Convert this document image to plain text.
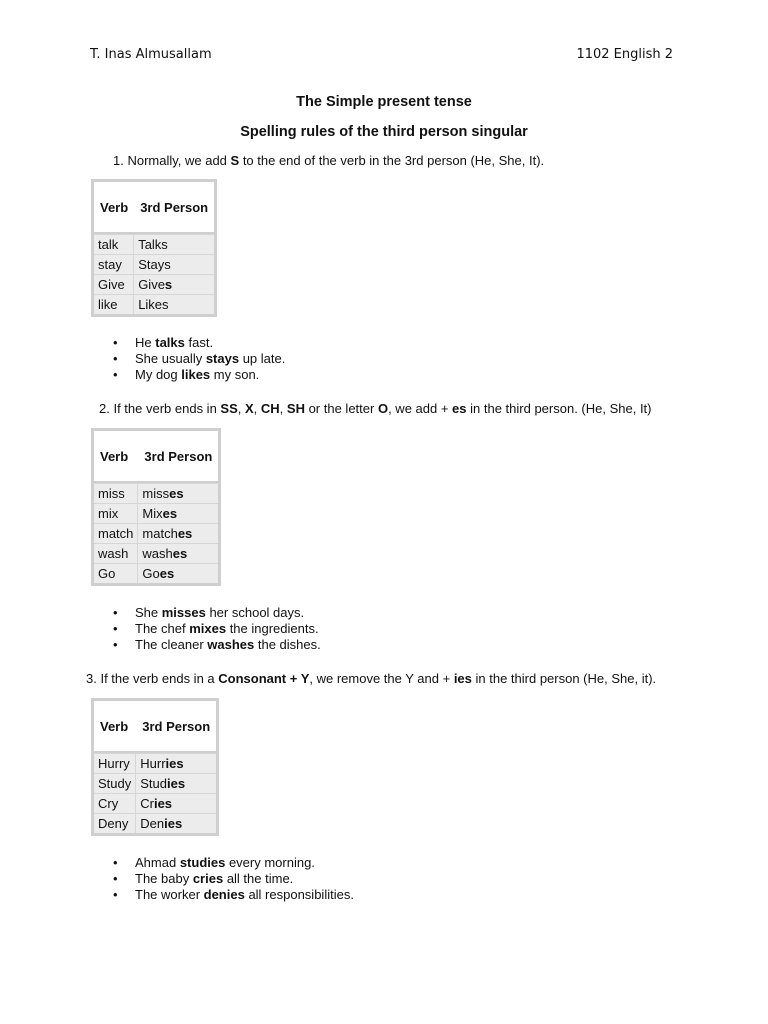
T. Inas Almusallam	1102 English 2
The Simple present tense
Spelling rules of the third person singular
1. Normally, we add S to the end of the verb in the 3rd person (He, She, It).
Verb	3rd Person
talk	Talks
stay	Stays
Give	Gives
like	Likes
• He talks fast.
• She usually stays up late.
• My dog likes my son.
2. If the verb ends in SS, X, CH, SH or the letter O, we add + es in the third person. (He, She, It)
Verb	3rd Person
miss	misses
mix	Mixes
match	matches
wash	washes
Go	Goes
• She misses her school days.
• The chef mixes the ingredients.
• The cleaner washes the dishes.
3. If the verb ends in a Consonant + Y, we remove the Y and + ies in the third person (He, She, it).
Verb	3rd Person
Hurry	Hurries
Study	Studies
Cry	Cries
Deny	Denies
• Ahmad studies every morning.
• The baby cries all the time.
• The worker denies all responsibilities.
